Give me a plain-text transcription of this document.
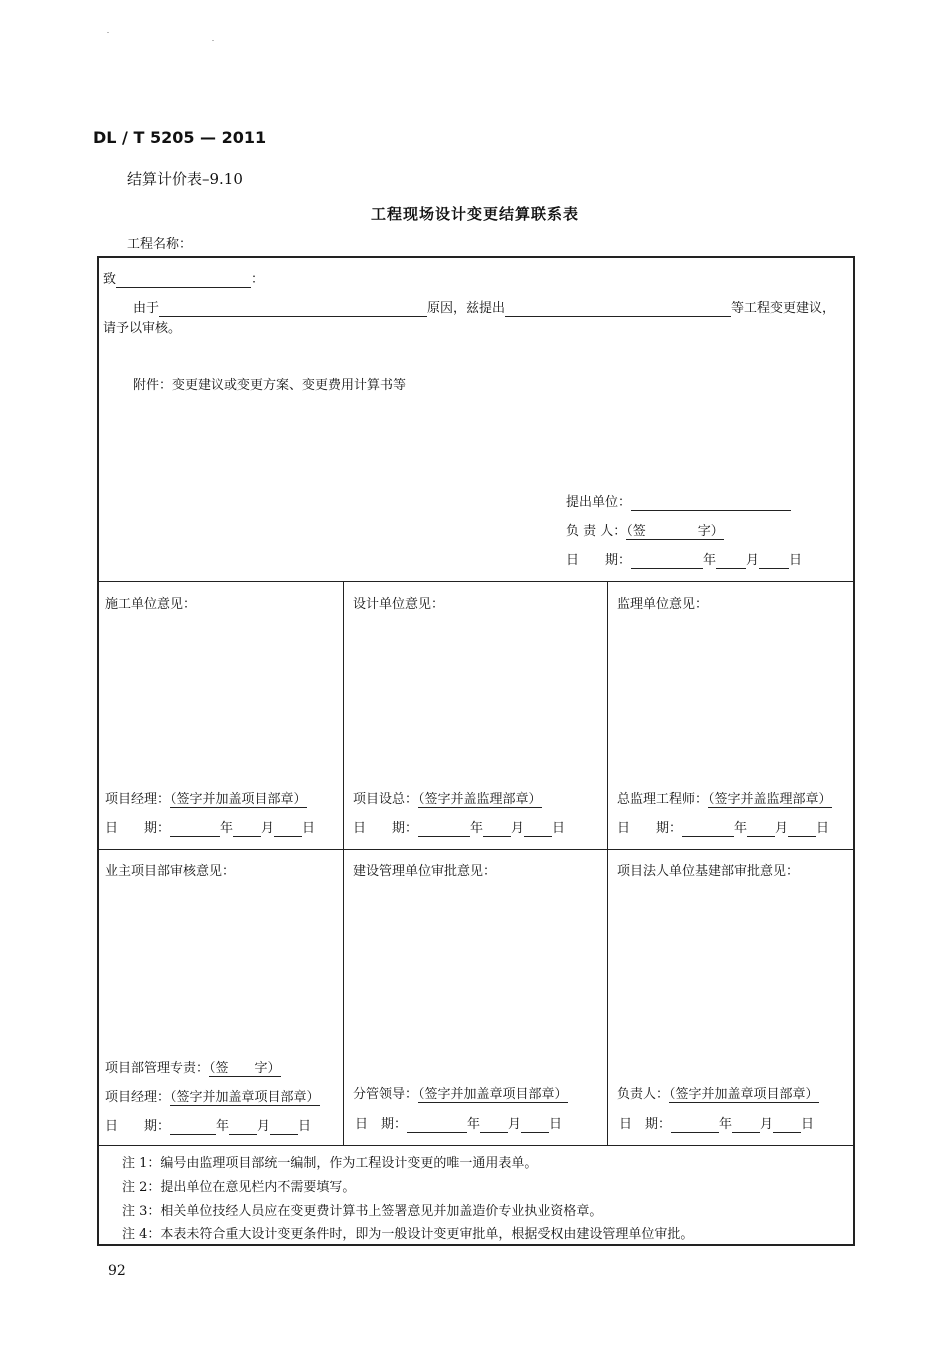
DL / T 5205 — 2011
结算计价表–9.10
工程现场设计变更结算联系表
工程名称：
致	：
由于	原因，兹提出	等工程变更建议，
请予以审核。
附件：变更建议或变更方案、变更费用计算书等
提出单位：
负 责 人：（签　　　　字）
日　　期：	年 月 日
施工单位意见：	设计单位意见：	监理单位意见：
项目经理：（签字并加盖项目部章）	项目设总：（签字并盖监理部章）	总监理工程师：（签字并盖监理部章）
日　　期：	年 月 日	日　　期：	年 月 日	日　　期：	年 月 日
业主项目部审核意见：	建设管理单位审批意见：	项目法人单位基建部审批意见：
项目部管理专责：（签　　字）
项目经理：（签字并加盖章项目部章）	分管领导：（签字并加盖章项目部章）	负责人：（签字并加盖章项目部章）
日　　期：	年 月 日	日　期：	年 月 日	日　期：	年 月 日
注 1：编号由监理项目部统一编制，作为工程设计变更的唯一通用表单。
注 2：提出单位在意见栏内不需要填写。
注 3：相关单位技经人员应在变更费计算书上签署意见并加盖造价专业执业资格章。
注 4：本表未符合重大设计变更条件时，即为一般设计变更审批单，根据受权由建设管理单位审批。
92
